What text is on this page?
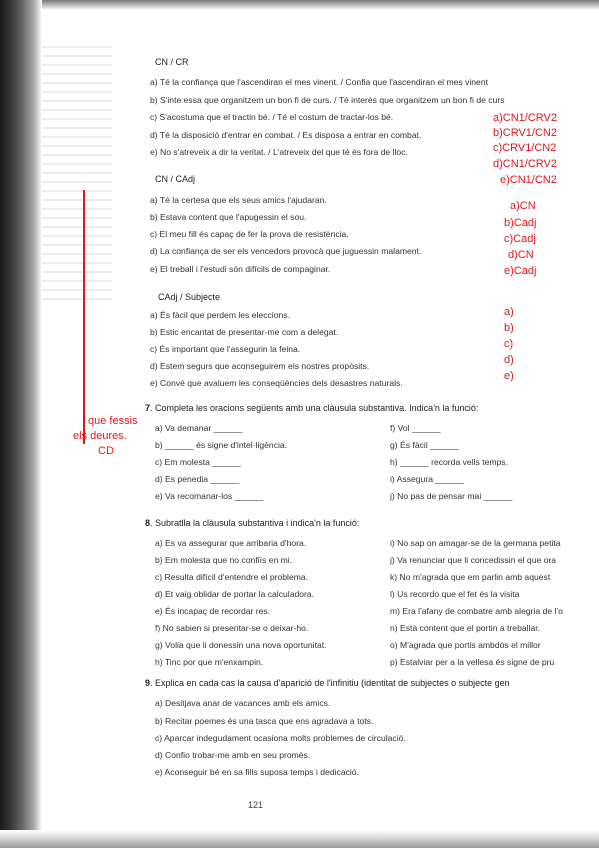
CN / CR
a) Té la confiança que l'ascendiran el mes vinent. / Confia que l'ascendiran el mes vinent
b) S'inte essa que organitzem un bon fi de curs. / Té interès que organitzem un bon fi de curs
c) S'acostuma que el tractin bé. / Té el costum de tractar-los bé.
d) Té la disposició d'entrar en combat. / Es disposa a entrar en combat.
e) No s'atreveix a dir la veritat. / L'atreveix del que té és fora de lloc.
a)CN1/CRV2
b)CRV1/CN2
c)CRV1/CN2
d)CN1/CRV2
e)CN1/CN2
CN / CAdj
a) Té la certesa que els seus amics l'ajudaran.
b) Estava content que l'apugessin el sou.
c) El meu fill és capaç de fer la prova de resistència.
d) La confiança de ser els vencedors provocà que juguessin malament.
e) El treball i l'estudi són difícils de compaginar.
a)CN
b)Cadj
c)Cadj
d)CN
e)Cadj
CAdj / Subjecte
a) És fàcil que perdem les eleccions.
b) Estic encantat de presentar-me com a delegat.
c) És important que l'assegurin la feina.
d) Estem segurs que aconseguirem els nostres propòsits.
e) Convé que avaluem les conseqüències dels desastres naturals.
a)
b)
c)
d)
e)
7. Completa les oracions següents amb una clàusula substantiva. Indica'n la funció:
a) Va demanar ______
b) ______ és signe d'intel·ligència.
c) Em molesta ______
d) Es penedia ______
e) Va recomanar-los ______
f) Vol ______
g) És fàcil ______
h) ______ recorda vells temps.
i) Assegura ______
j) No pas de pensar mai ______
que fessis
els deures.
CD
8. Subratlla la clàusula substantiva i indica'n la funció:
a) Es va assegurar que arribaria d'hora.
b) Em molesta que no confiïs en mi.
c) Resulta difícil d'entendre el problema.
d) Et vaig oblidar de portar la calculadora.
e) És incapaç de recordar res.
f) No sabien si presentar-se o deixar-ho.
g) Volia que li donessin una nova oportunitat.
h) Tinc por que m'enxampin.
i) No sap on amagar-se de la germana petita
j) Va renunciar que li concedissin el que ora
k) No m'agrada que em parlin amb aquest
l) Us recordo que el fet és la visita
m) Era l'afany de combatre amb alegria de l'o
n) Està content que el portin a treballar.
o) M'agrada que portis ambdós el millor
p) Estalviar per a la vellesa és signe de pru
9. Explica en cada cas la causa d'aparició de l'infinitiu (identitat de subjectes o subjecte gen
a) Desitjava anar de vacances amb els amics.
b) Recitar poemes és una tasca que ens agradava a tots.
c) Aparcar indegudament ocasiona molts problemes de circulació.
d) Confio trobar-me amb en seu promès.
e) Aconseguir bé en sa fills suposa temps i dedicació.
121
